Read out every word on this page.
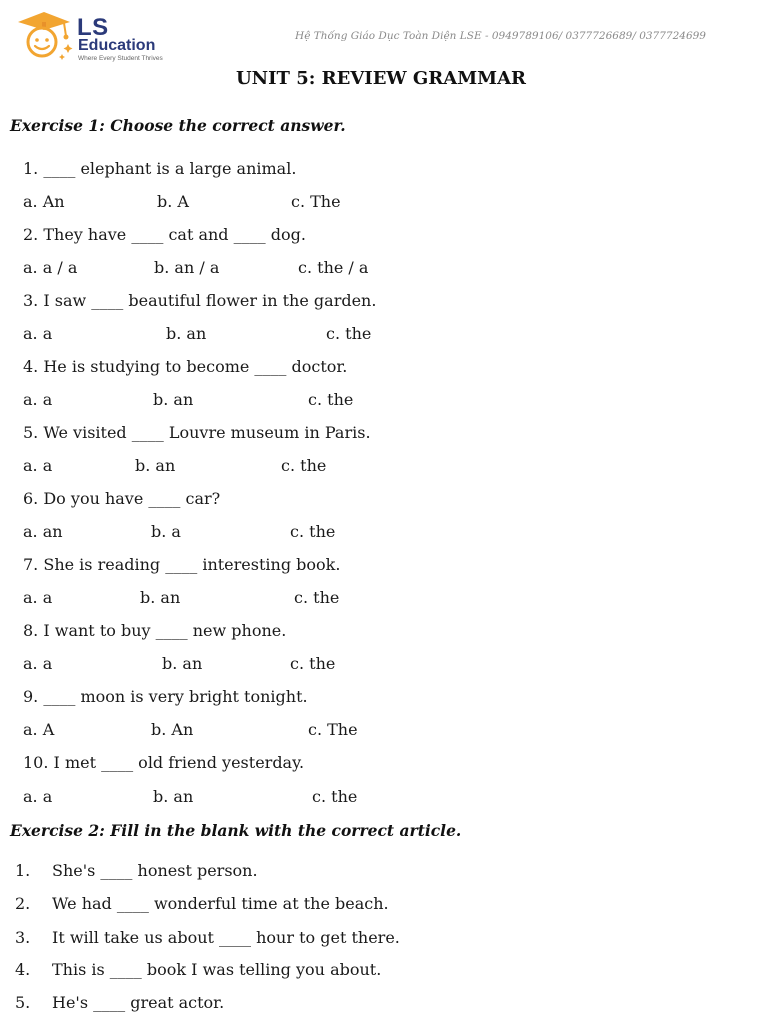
LS
Education
Where Every Student Thrives
Hệ Thống Giáo Dục Toàn Diện LSE - 0949789106/ 0377726689/ 0377724699
UNIT 5: REVIEW GRAMMAR
Exercise 1: Choose the correct answer.
1. ____ elephant is a large animal.
a. An	b. A	c. The
2. They have ____ cat and ____ dog.
a. a / a	b. an / a	c. the / a
3. I saw ____ beautiful flower in the garden.
a. a	b. an	c. the
4. He is studying to become ____ doctor.
a. a	b. an	c. the
5. We visited ____ Louvre museum in Paris.
a. a	b. an	c. the
6. Do you have ____ car?
a. an	b. a	c. the
7. She is reading ____ interesting book.
a. a	b. an	c. the
8. I want to buy ____ new phone.
a. a	b. an	c. the
9. ____ moon is very bright tonight.
a. A	b. An	c. The
10. I met ____ old friend yesterday.
a. a	b. an	c. the
Exercise 2: Fill in the blank with the correct article.
1. She's ____ honest person.
2. We had ____ wonderful time at the beach.
3. It will take us about ____ hour to get there.
4. This is ____ book I was telling you about.
5. He's ____ great actor.
